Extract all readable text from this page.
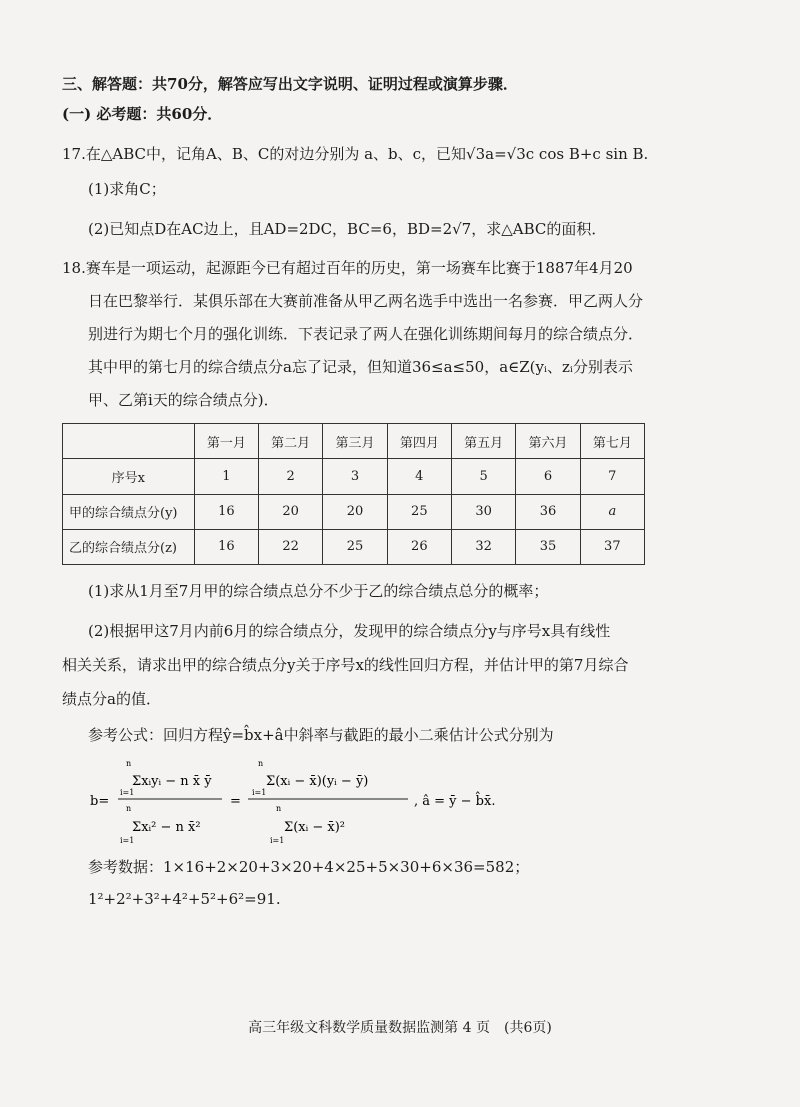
三、解答题：共70分，解答应写出文字说明、证明过程或演算步骤．
(一) 必考题：共60分．
17.在△ABC中，记角A、B、C的对边分别为 a、b、c，已知√3a=√3c cos B+c sin B.
(1)求角C；
(2)已知点D在AC边上，且AD=2DC，BC=6，BD=2√7，求△ABC的面积．
18.赛车是一项运动，起源距今已有超过百年的历史，第一场赛车比赛于1887年4月20
日在巴黎举行．某俱乐部在大赛前准备从甲乙两名选手中选出一名参赛．甲乙两人分
别进行为期七个月的强化训练．下表记录了两人在强化训练期间每月的综合绩点分．
其中甲的第七月的综合绩点分a忘了记录，但知道36≤a≤50，a∈Z(yᵢ、zᵢ分别表示
甲、乙第i天的综合绩点分)．
	第一月	第二月	第三月	第四月	第五月	第六月	第七月
序号x	1	2	3	4	5	6	7
甲的综合绩点分(y)	16	20	20	25	30	36	a
乙的综合绩点分(z)	16	22	25	26	32	35	37
(1)求从1月至7月甲的综合绩点总分不少于乙的综合绩点总分的概率；
(2)根据甲这7月内前6月的综合绩点分，发现甲的综合绩点分y与序号x具有线性
相关关系，请求出甲的综合绩点分y关于序号x的线性回归方程，并估计甲的第7月综合
绩点分a的值．
参考公式：回归方程ŷ=b̂x+â中斜率与截距的最小二乘估计公式分别为
b=
n
i=1
Σxᵢyᵢ − n x̄ ȳ
n
i=1
Σxᵢ² − n x̄²
=
n
i=1
Σ(xᵢ − x̄)(yᵢ − ȳ)
n
i=1
Σ(xᵢ − x̄)²
, â = ȳ − b̂x̄.
参考数据：1×16+2×20+3×20+4×25+5×30+6×36=582；
1²+2²+3²+4²+5²+6²=91.
高三年级文科数学质量数据监测第 4 页　(共6页)
